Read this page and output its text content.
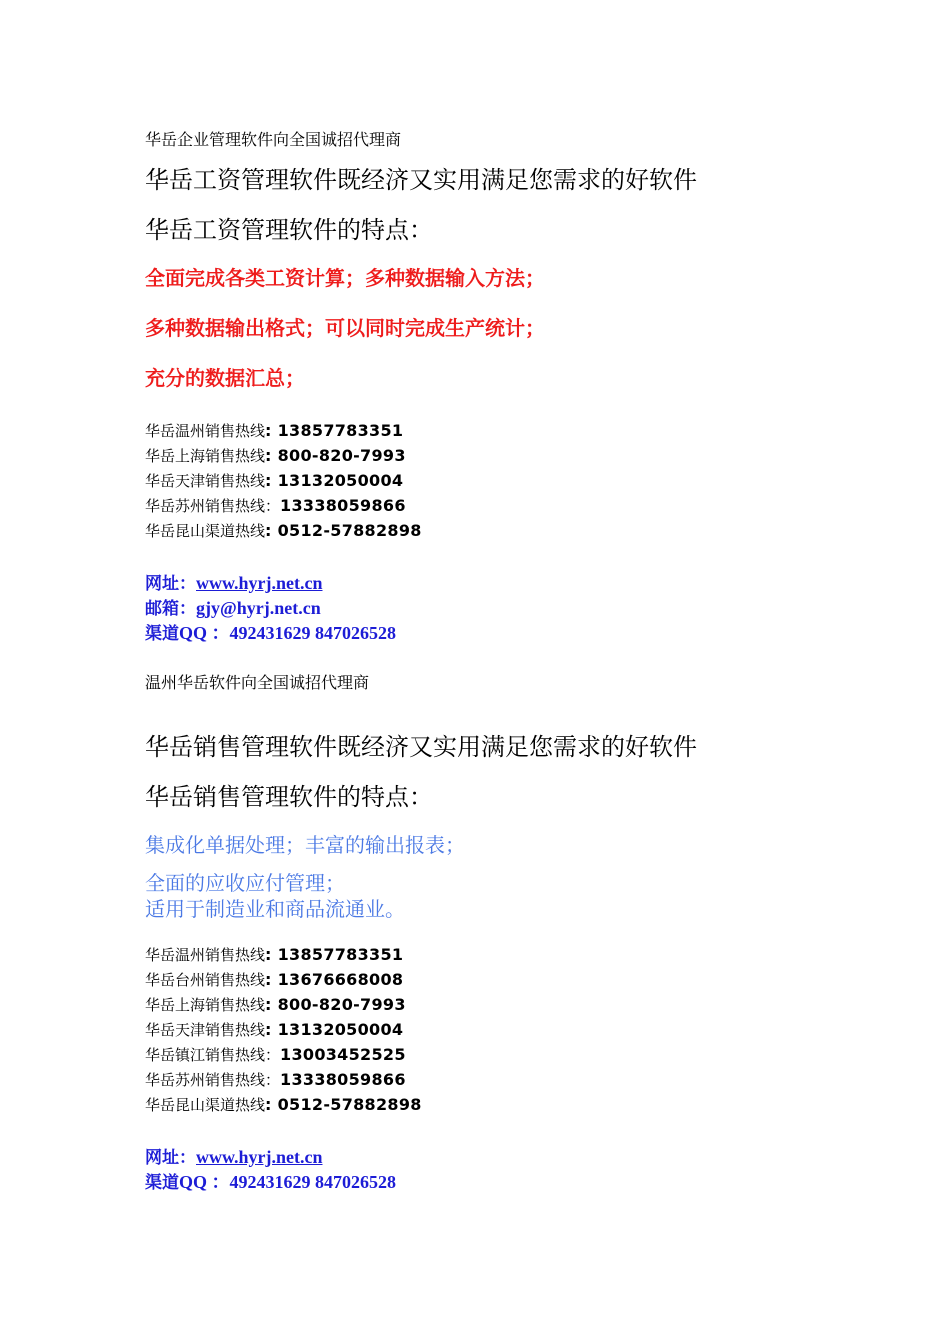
华岳企业管理软件向全国诚招代理商
华岳工资管理软件既经济又实用满足您需求的好软件
华岳工资管理软件的特点：
全面完成各类工资计算；多种数据输入方法；
多种数据输出格式；可以同时完成生产统计；
充分的数据汇总；
华岳温州销售热线: 13857783351
华岳上海销售热线: 800-820-7993
华岳天津销售热线: 13132050004
华岳苏州销售热线：13338059866
华岳昆山渠道热线: 0512-57882898
网址：www.hyrj.net.cn
邮箱：gjy@hyrj.net.cn
渠道QQ ：492431629 847026528
温州华岳软件向全国诚招代理商
华岳销售管理软件既经济又实用满足您需求的好软件
华岳销售管理软件的特点：
集成化单据处理；丰富的输出报表；
全面的应收应付管理；
适用于制造业和商品流通业。
华岳温州销售热线: 13857783351
华岳台州销售热线: 13676668008
华岳上海销售热线: 800-820-7993
华岳天津销售热线: 13132050004
华岳镇江销售热线：13003452525
华岳苏州销售热线：13338059866
华岳昆山渠道热线: 0512-57882898
网址：www.hyrj.net.cn
渠道QQ ：492431629 847026528
